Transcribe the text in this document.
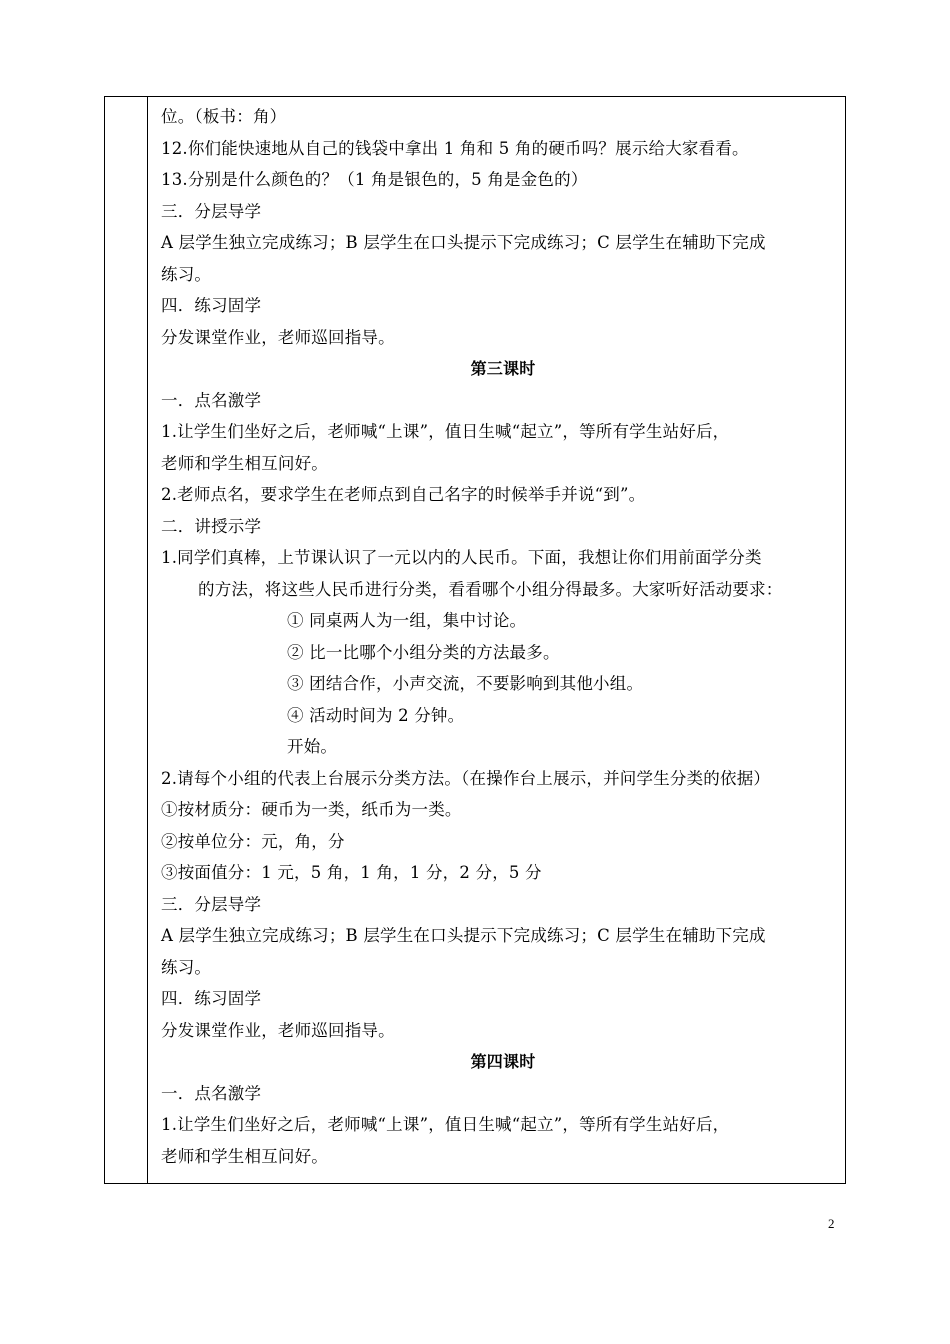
位。（板书：角）
12.你们能快速地从自己的钱袋中拿出 1 角和 5 角的硬币吗？展示给大家看看。
13.分别是什么颜色的？（1 角是银色的，5 角是金色的）
三．分层导学
A 层学生独立完成练习；B 层学生在口头提示下完成练习；C 层学生在辅助下完成
练习。
四．练习固学
分发课堂作业，老师巡回指导。
第三课时
一．点名激学
1.让学生们坐好之后，老师喊“上课”，值日生喊“起立”，等所有学生站好后，
老师和学生相互问好。
2.老师点名，要求学生在老师点到自己名字的时候举手并说“到”。
二．讲授示学
1.同学们真棒，上节课认识了一元以内的人民币。下面，我想让你们用前面学分类
的方法，将这些人民币进行分类，看看哪个小组分得最多。大家听好活动要求：
① 同桌两人为一组，集中讨论。
② 比一比哪个小组分类的方法最多。
③ 团结合作，小声交流，不要影响到其他小组。
④ 活动时间为 2 分钟。
开始。
2.请每个小组的代表上台展示分类方法。（在操作台上展示，并问学生分类的依据）
①按材质分：硬币为一类，纸币为一类。
②按单位分：元，角，分
③按面值分：1 元，5 角，1 角，1 分，2 分，5 分
三．分层导学
A 层学生独立完成练习；B 层学生在口头提示下完成练习；C 层学生在辅助下完成
练习。
四．练习固学
分发课堂作业，老师巡回指导。
第四课时
一．点名激学
1.让学生们坐好之后，老师喊“上课”，值日生喊“起立”，等所有学生站好后，
老师和学生相互问好。
2
